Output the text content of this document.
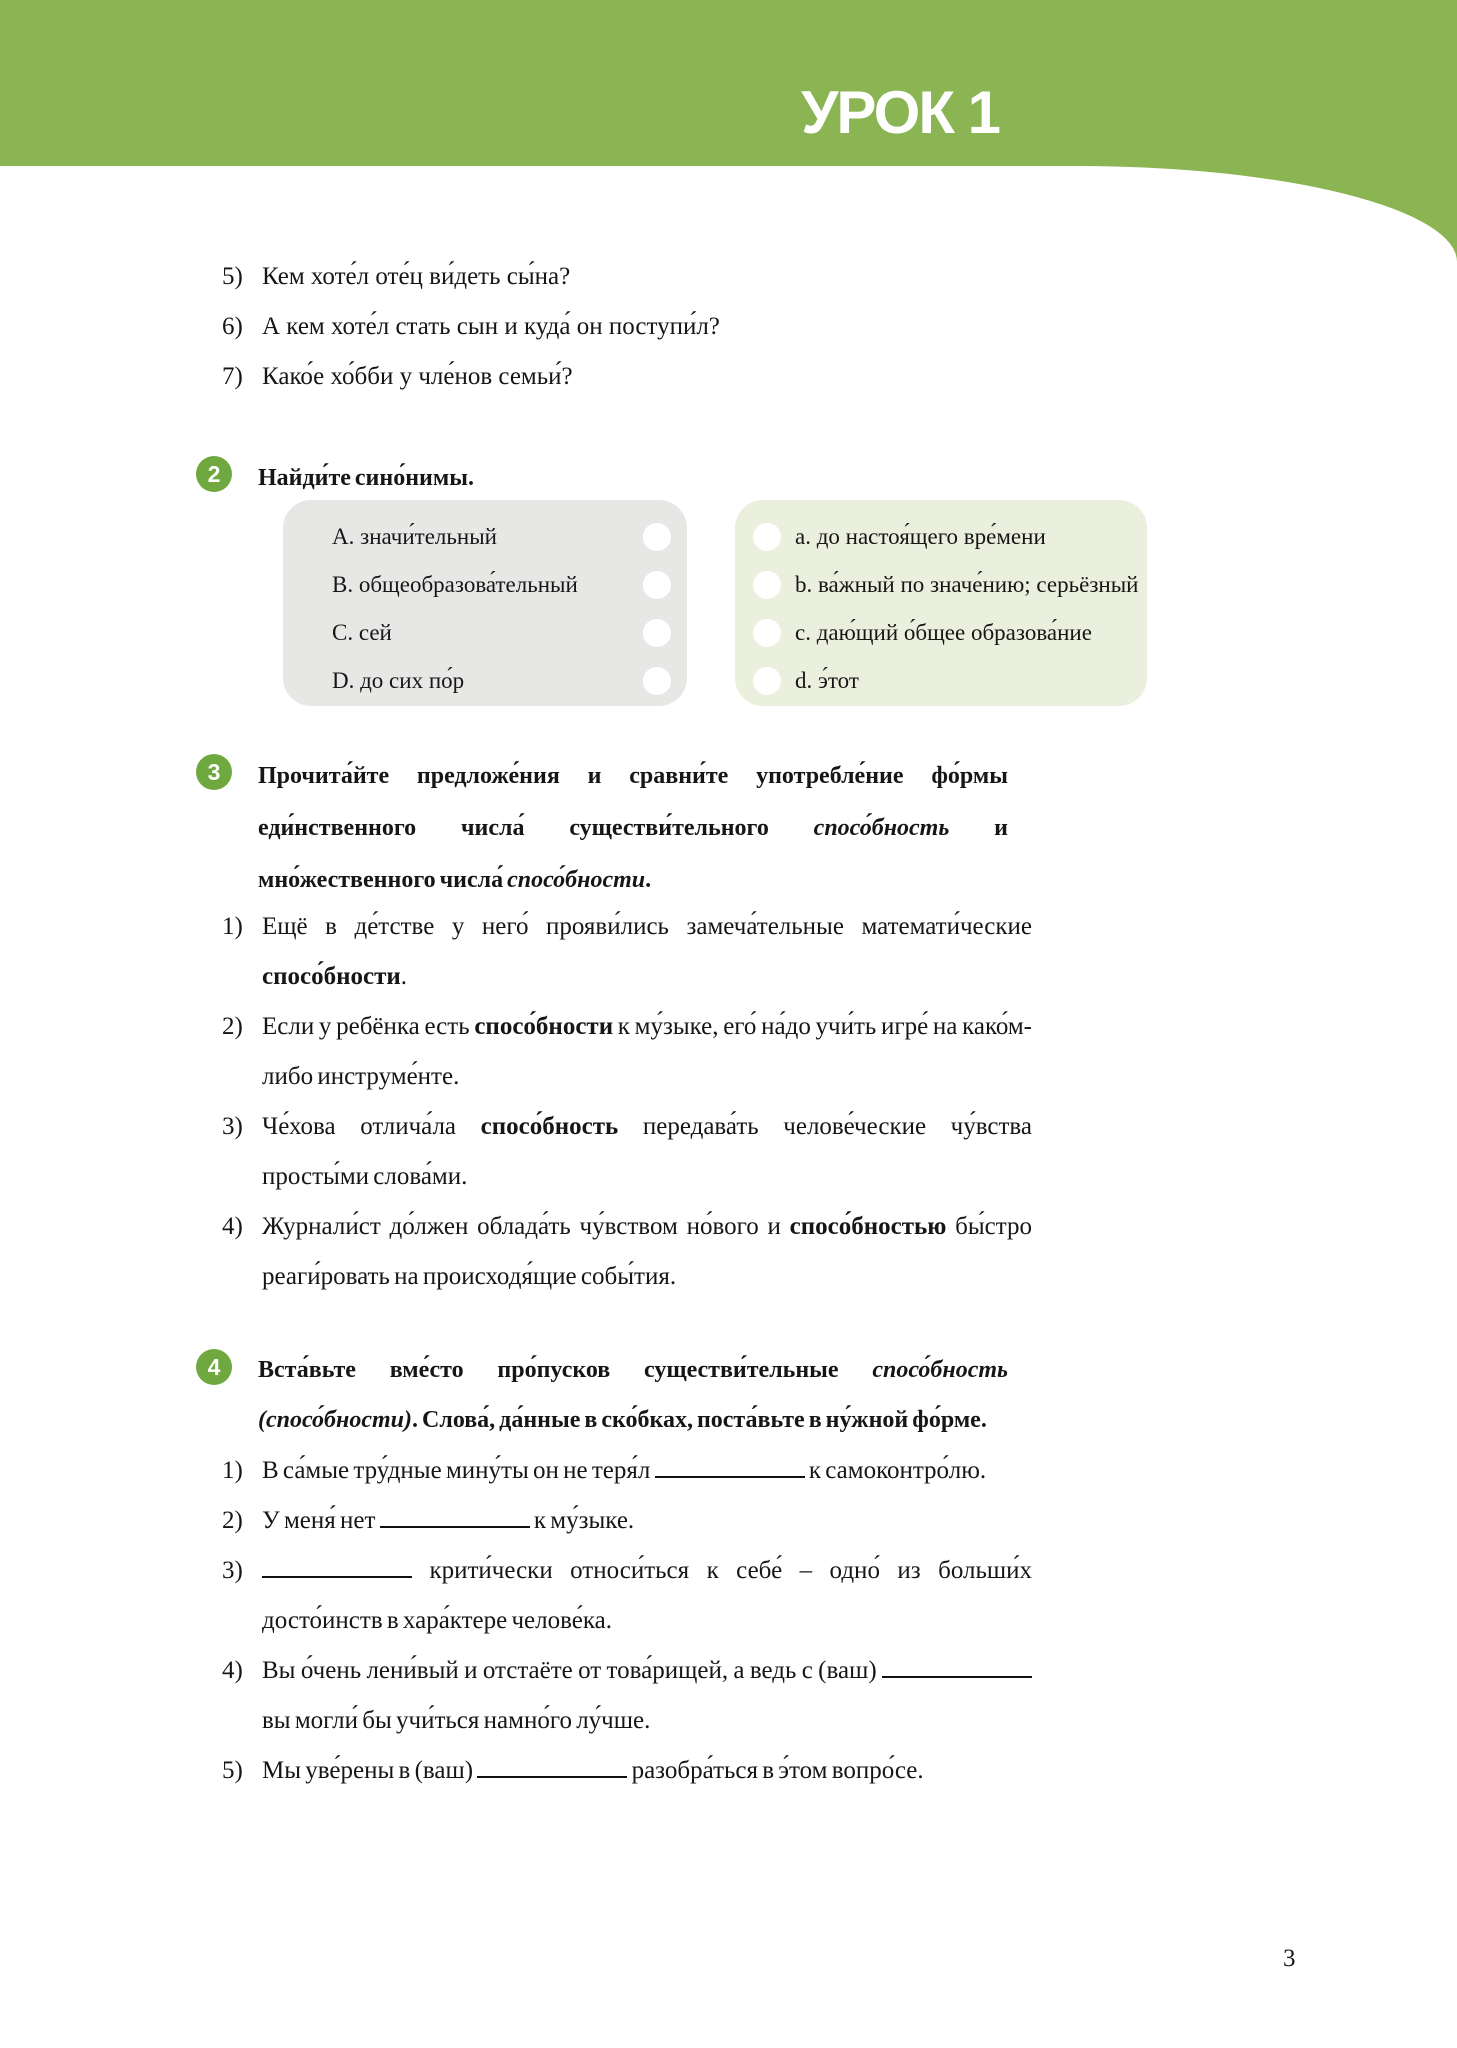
УРОК 1
5) Кем хоте́л оте́ц ви́деть сы́на?
6) А кем хоте́л стать сын и куда́ он поступи́л?
7) Како́е хо́бби у чле́нов семьи́?
2	Найди́те сино́нимы.
А. значи́тельный
В. общеобразова́тельный
С. сей
D. до сих по́р
a. до настоя́щего вре́мени
b. ва́жный по значе́нию; серьёзный
c. даю́щий о́бщее образова́ние
d. э́тот
3	Прочита́йте предложе́ния и сравни́те употребле́ние фо́рмы еди́нственного числа́ существи́тельного спосо́бность и мно́жественного числа́ спосо́бности.
1) Ещё в де́тстве у него́ прояви́лись замеча́тельные математи́ческие спосо́бности.
2) Если у ребёнка есть спосо́бности к му́зыке, его́ на́до учи́ть игре́ на како́м-либо инструме́нте.
3) Че́хова отлича́ла спосо́бность передава́ть челове́ческие чу́вства просты́ми слова́ми.
4) Журнали́ст до́лжен облада́ть чу́вством но́вого и спосо́бностью бы́стро реаги́ровать на происходя́щие собы́тия.
4	Вста́вьте вме́сто про́пусков существи́тельные спосо́бность (спосо́бности). Слова́, да́нные в ско́бках, поста́вьте в ну́жной фо́рме.
1) В са́мые тру́дные мину́ты он не теря́л	к самоконтро́лю.
2) У меня́ нет	к му́зыке.
3)	крити́чески относи́ться к себе́ – одно́ из больши́х досто́инств в хара́ктере челове́ка.
4) Вы о́чень лени́вый и отстаёте от това́рищей, а ведь с (ваш)  вы могли́ бы учи́ться намно́го лу́чше.
5) Мы уве́рены в (ваш)	разобра́ться в э́том вопро́се.
3
